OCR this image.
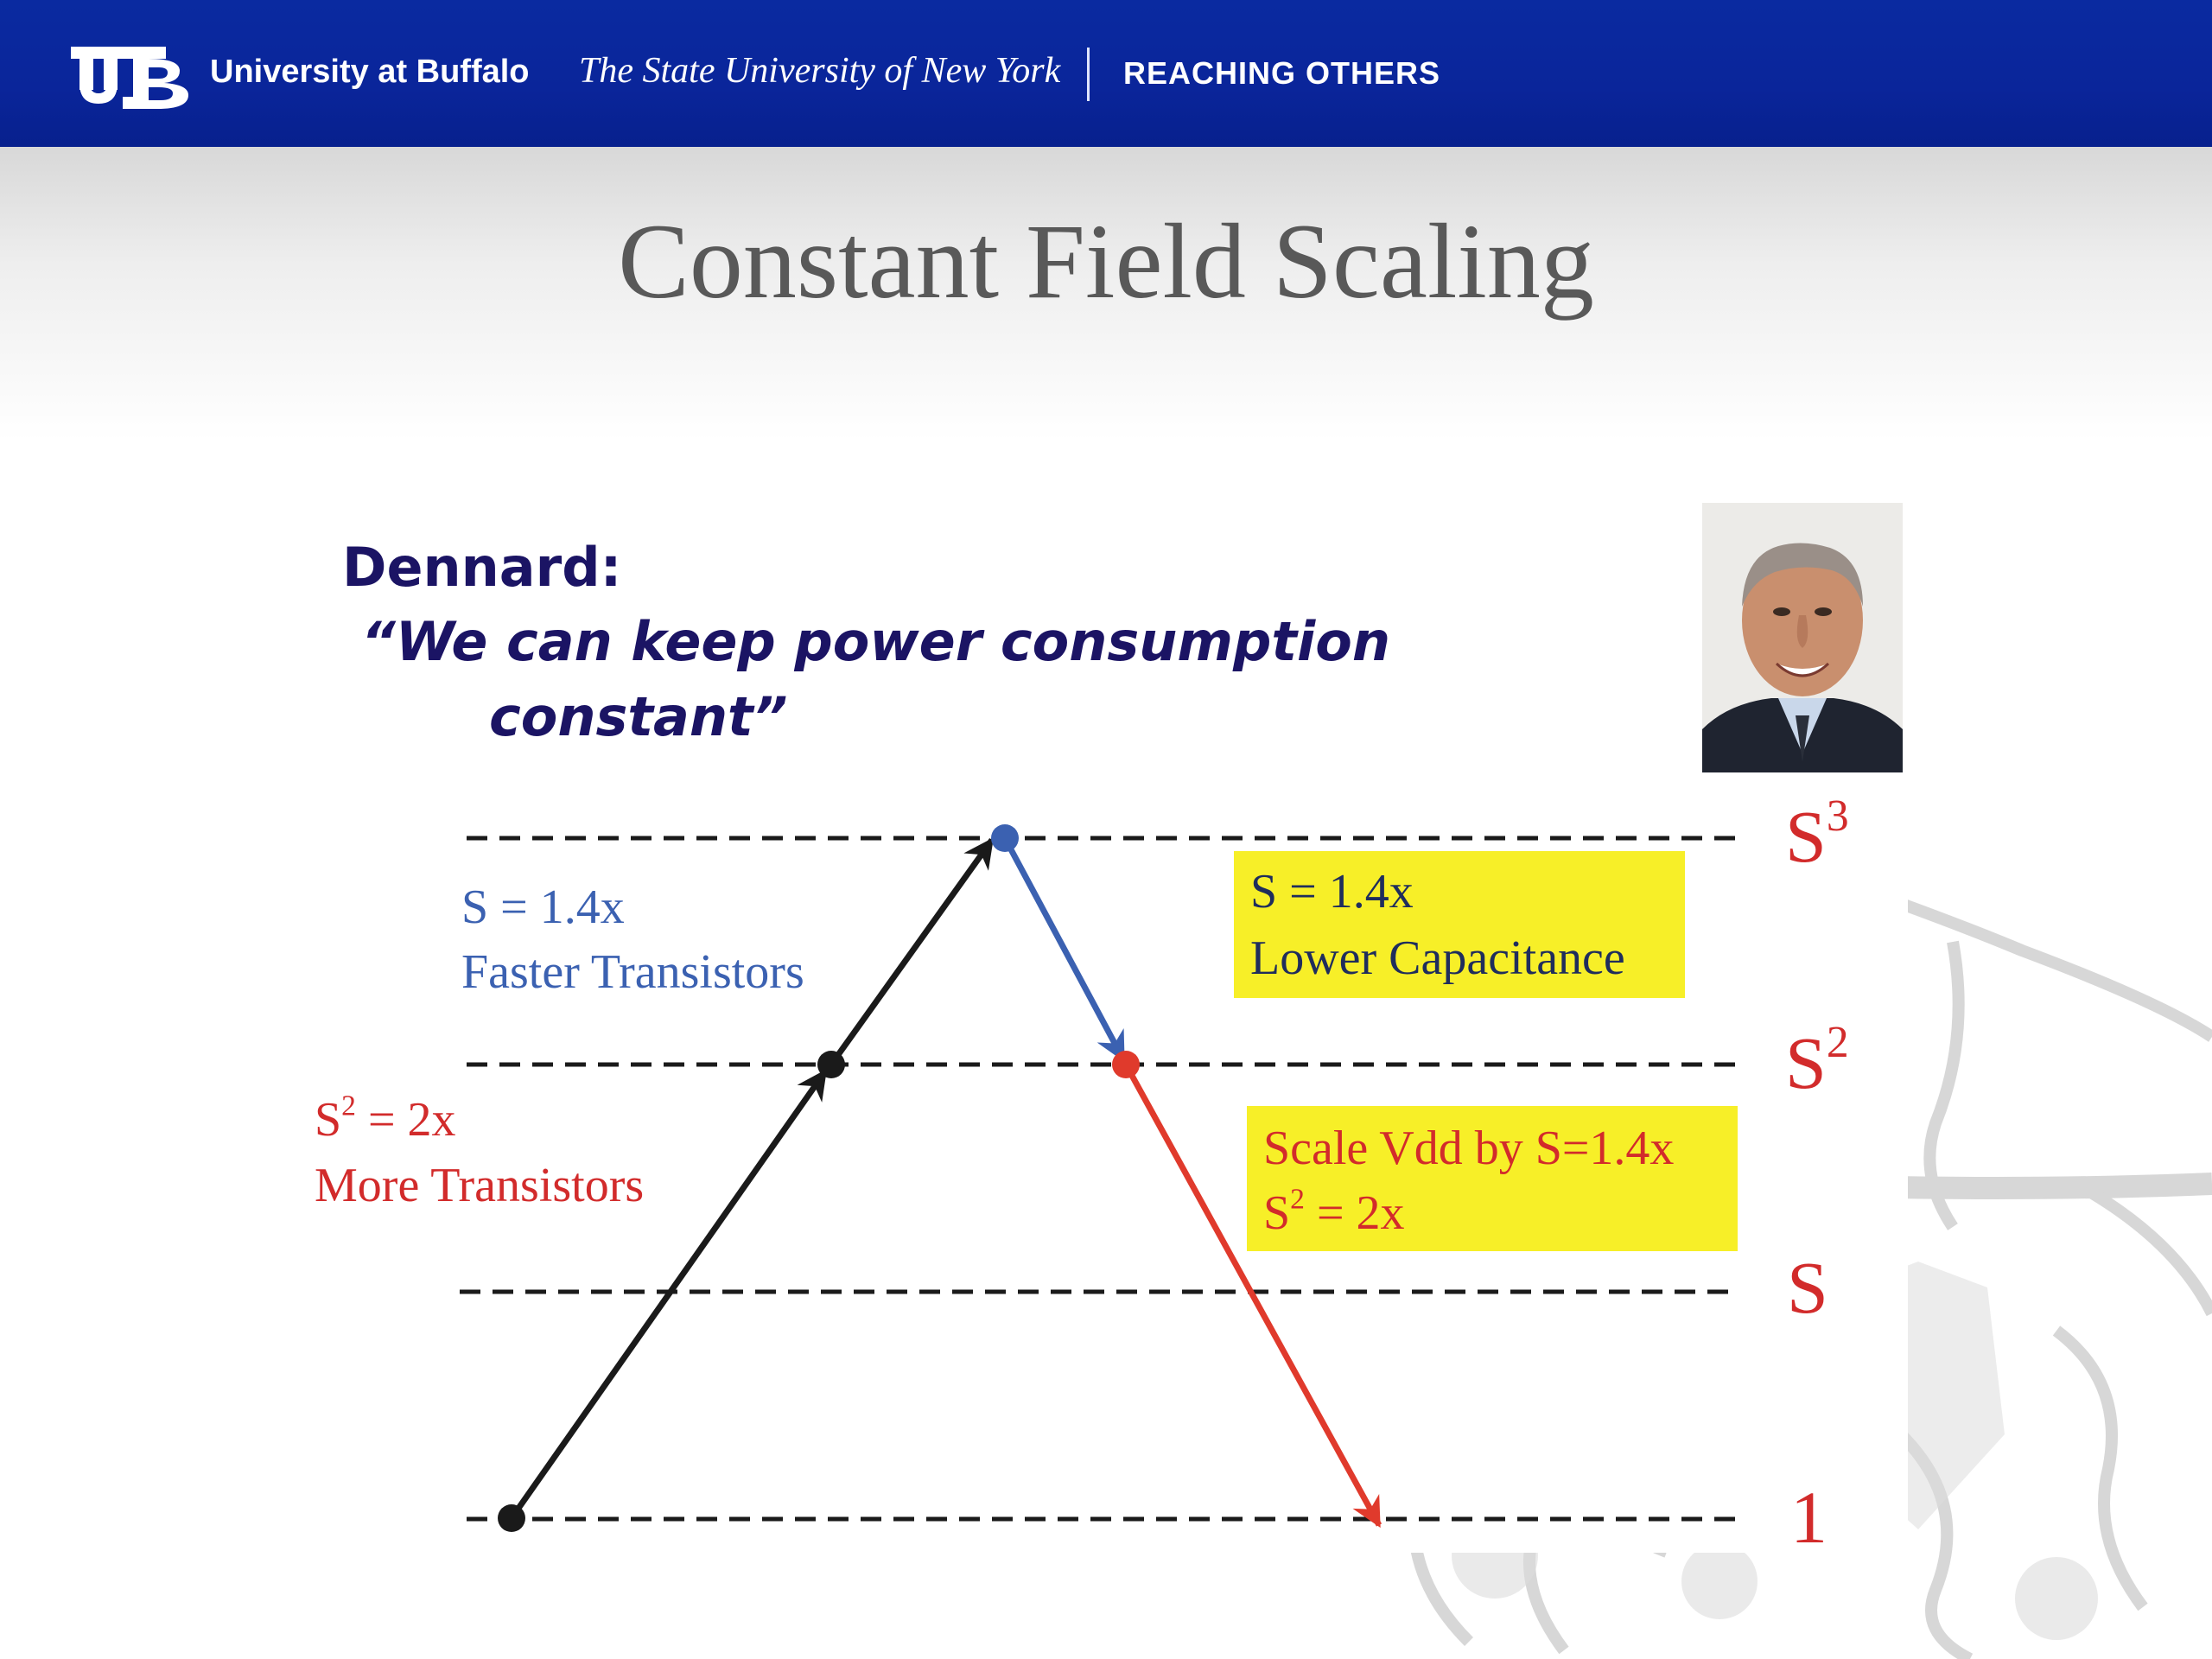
University at Buffalo The State University of New York REACHING OTHERS
Constant Field Scaling
Dennard:
“We can keep power consumption
constant”
S = 1.4x
Faster Transistors
$S^2 = 2x$
More Transistors
S = 1.4x
Lower Capacitance
Scale Vdd by S=1.4x
$S^2 = 2x$
$S^3$
$S^2$
S
1
